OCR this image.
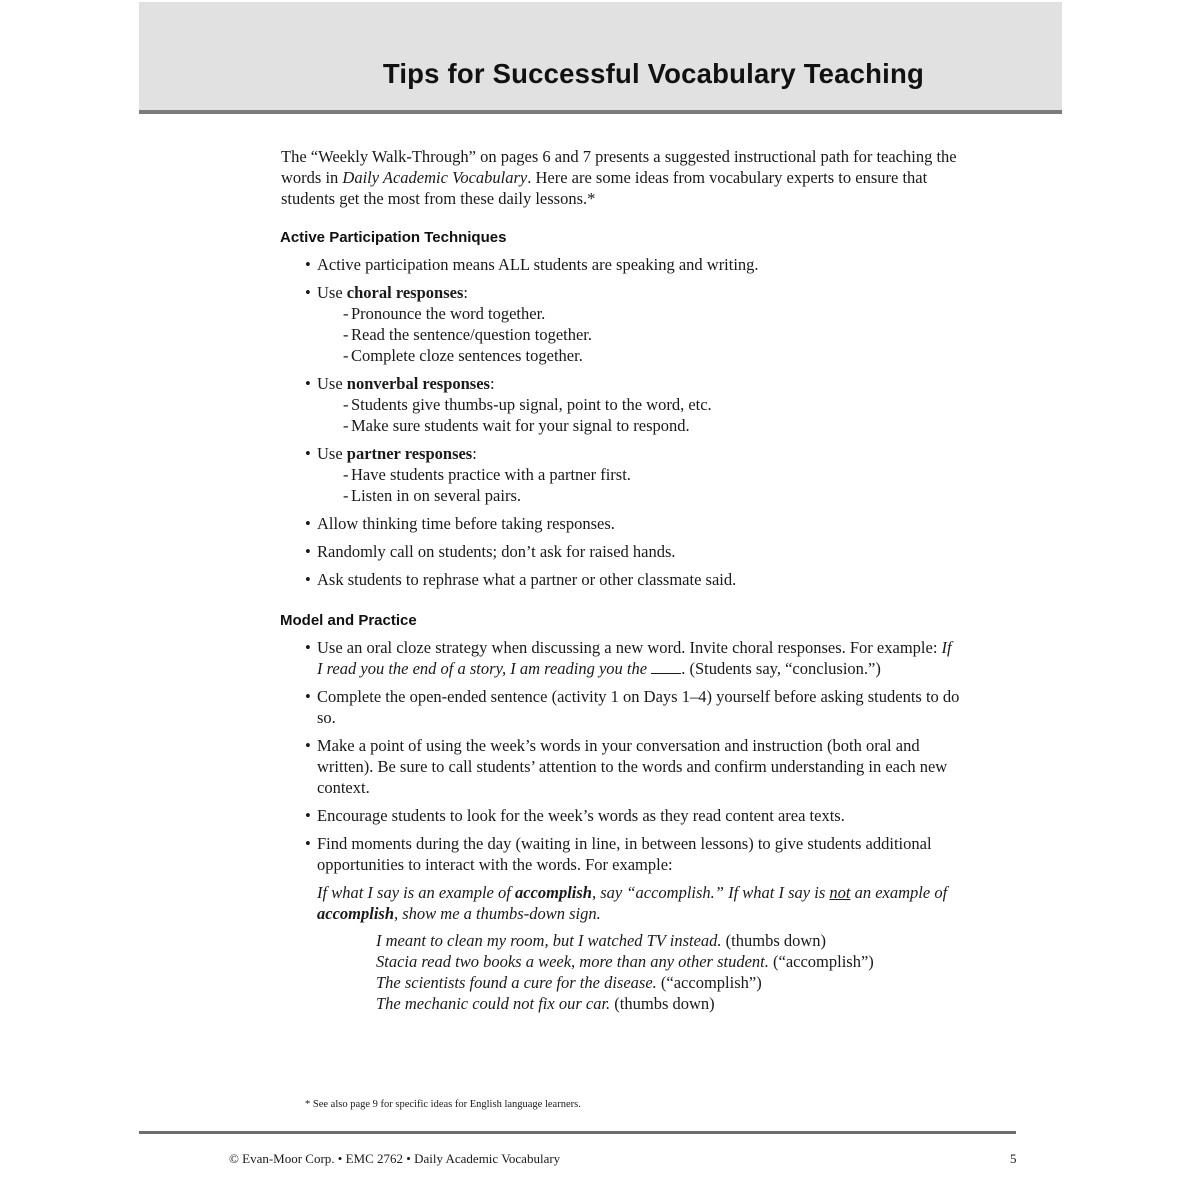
Tips for Successful Vocabulary Teaching

The “Weekly Walk-Through” on pages 6 and 7 presents a suggested instructional path for teaching the words in Daily Academic Vocabulary. Here are some ideas from vocabulary experts to ensure that students get the most from these daily lessons.*

Active Participation Techniques
• Active participation means ALL students are speaking and writing.
• Use choral responses:
- Pronounce the word together.
- Read the sentence/question together.
- Complete cloze sentences together.
• Use nonverbal responses:
- Students give thumbs-up signal, point to the word, etc.
- Make sure students wait for your signal to respond.
• Use partner responses:
- Have students practice with a partner first.
- Listen in on several pairs.
• Allow thinking time before taking responses.
• Randomly call on students; don’t ask for raised hands.
• Ask students to rephrase what a partner or other classmate said.
Model and Practice
• Use an oral cloze strategy when discussing a new word. Invite choral responses. For example: If I read you the end of a story, I am reading you the . (Students say, “conclusion.”)
• Complete the open-ended sentence (activity 1 on Days 1–4) yourself before asking students to do so.
• Make a point of using the week’s words in your conversation and instruction (both oral and written). Be sure to call students’ attention to the words and confirm understanding in each new context.
• Encourage students to look for the week’s words as they read content area texts.
• Find moments during the day (waiting in line, in between lessons) to give students additional opportunities to interact with the words. For example:
If what I say is an example of accomplish, say “accomplish.” If what I say is not an example of accomplish, show me a thumbs-down sign.
I meant to clean my room, but I watched TV instead. (thumbs down)
Stacia read two books a week, more than any other student. (“accomplish”)
The scientists found a cure for the disease. (“accomplish”)
The mechanic could not fix our car. (thumbs down)
* See also page 9 for specific ideas for English language learners.
© Evan-Moor Corp. • EMC 2762 • Daily Academic Vocabulary	5
